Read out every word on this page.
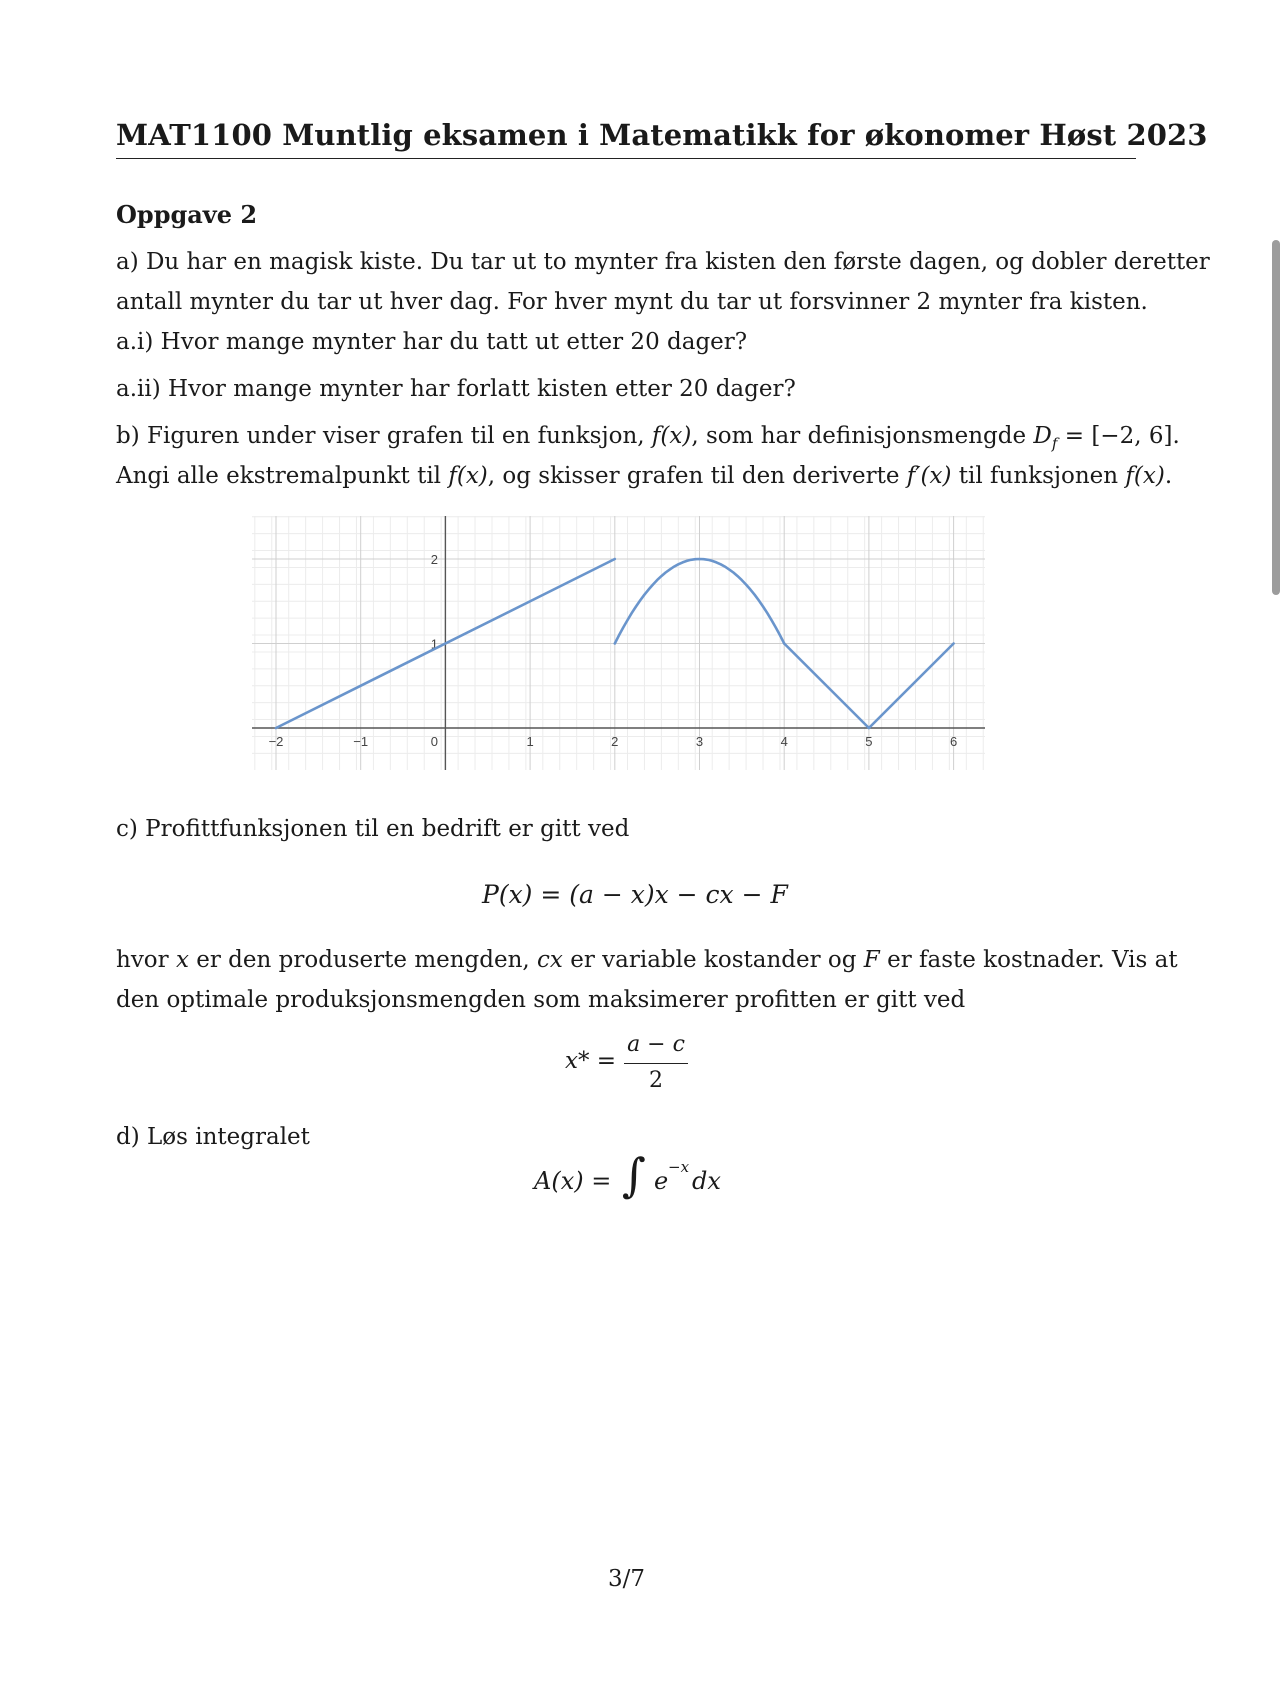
MAT1100 Muntlig eksamen i Matematikk for økonomer Høst 2023
Oppgave 2
a) Du har en magisk kiste. Du tar ut to mynter fra kisten den første dagen, og dobler deretter
antall mynter du tar ut hver dag. For hver mynt du tar ut forsvinner 2 mynter fra kisten.
a.i) Hvor mange mynter har du tatt ut etter 20 dager?
a.ii) Hvor mange mynter har forlatt kisten etter 20 dager?
b) Figuren under viser grafen til en funksjon, f(x), som har definisjonsmengde $D_f = [-2$, 6].
Angi alle ekstremalpunkt til f(x), og skisser grafen til den deriverte f′(x) til funksjonen f(x).
−2	−1	0	1	2	3	4	5	6
1
2
c) Profittfunksjonen til en bedrift er gitt ved
P(x) = (a − x)x − cx − F
hvor x er den produserte mengden, cx er variable kostander og F er faste kostnader. Vis at
den optimale produksjonsmengden som maksimerer profitten er gitt ved
x* =
a − c
2
d) Løs integralet
A(x) = ∫ e −x dx
3/7
